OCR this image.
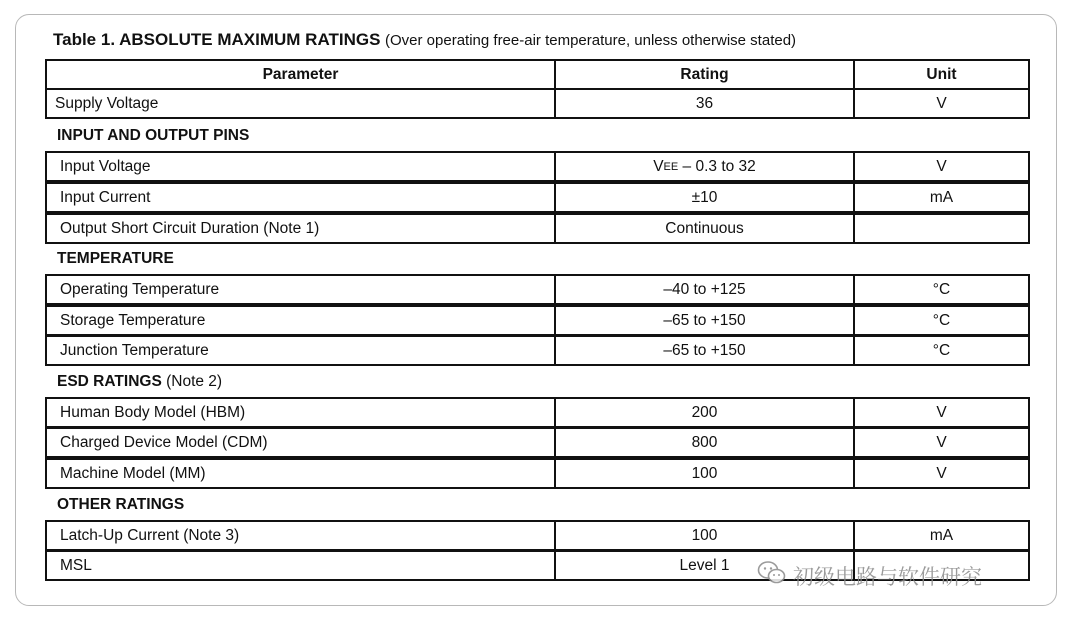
Table 1. ABSOLUTE MAXIMUM RATINGS (Over operating free-air temperature, unless otherwise stated)
Parameter	Rating	Unit
Supply Voltage	36	V
INPUT AND OUTPUT PINS
Input Voltage	V EE – 0.3 to 32	V
Input Current	±10	mA
Output Short Circuit Duration (Note 1)	Continuous
TEMPERATURE
Operating Temperature	–40 to +125	°C
Storage Temperature	–65 to +150	°C
Junction Temperature	–65 to +150	°C
ESD RATINGS (Note 2)
Human Body Model (HBM)	200	V
Charged Device Model (CDM)	800	V
Machine Model (MM)	100	V
OTHER RATINGS
Latch-Up Current (Note 3)	100	mA
MSL	Level 1
初级电路与软件研究
